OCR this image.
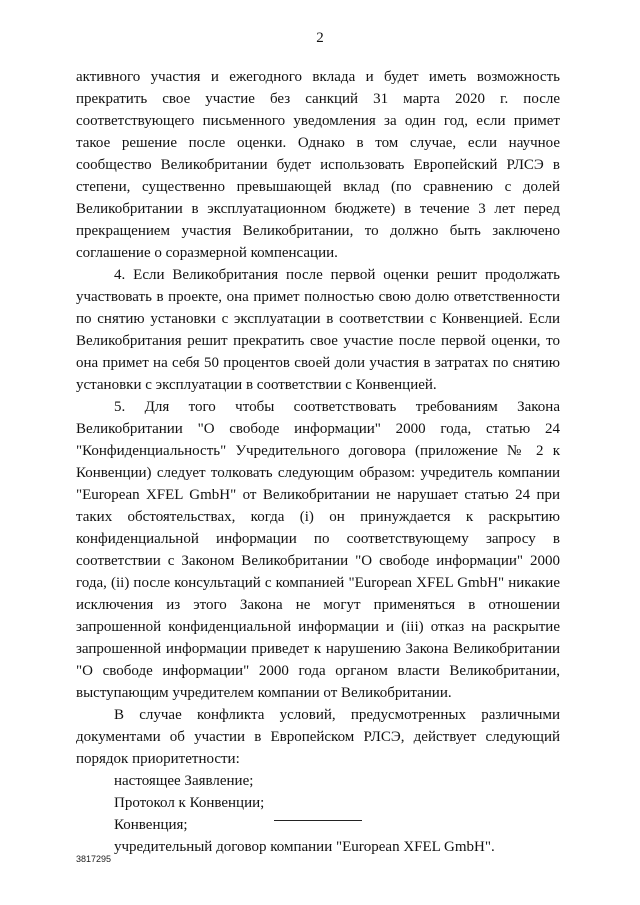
2

активного участия и ежегодного вклада и будет иметь возможность прекратить свое участие без санкций 31 марта 2020 г. после соответствующего письменного уведомления за один год, если примет такое решение после оценки. Однако в том случае, если научное сообщество Великобритании будет использовать Европейский РЛСЭ в степени, существенно превышающей вклад (по сравнению с долей Великобритании в эксплуатационном бюджете) в течение 3 лет перед прекращением участия Великобритании, то должно быть заключено соглашение о соразмерной компенсации.

4. Если Великобритания после первой оценки решит продолжать участвовать в проекте, она примет полностью свою долю ответственности по снятию установки с эксплуатации в соответствии с Конвенцией. Если Великобритания решит прекратить свое участие после первой оценки, то она примет на себя 50 процентов своей доли участия в затратах по снятию установки с эксплуатации в соответствии с Конвенцией.

5. Для того чтобы соответствовать требованиям Закона Великобритании "О свободе информации" 2000 года, статью 24 "Конфиденциальность" Учредительного договора (приложение № 2 к Конвенции) следует толковать следующим образом: учредитель компании "European XFEL GmbH" от Великобритании не нарушает статью 24 при таких обстоятельствах, когда (i) он принуждается к раскрытию конфиденциальной информации по соответствующему запросу в соответствии с Законом Великобритании "О свободе информации" 2000 года, (ii) после консультаций с компанией "European XFEL GmbH" никакие исключения из этого Закона не могут применяться в отношении запрошенной конфиденциальной информации и (iii) отказ на раскрытие запрошенной информации приведет к нарушению Закона Великобритании "О свободе информации" 2000 года органом власти Великобритании, выступающим учредителем компании от Великобритании.

В случае конфликта условий, предусмотренных различными документами об участии в Европейском РЛСЭ, действует следующий порядок приоритетности:

настоящее Заявление;
Протокол к Конвенции;
Конвенция;
учредительный договор компании "European XFEL GmbH".
3817295
